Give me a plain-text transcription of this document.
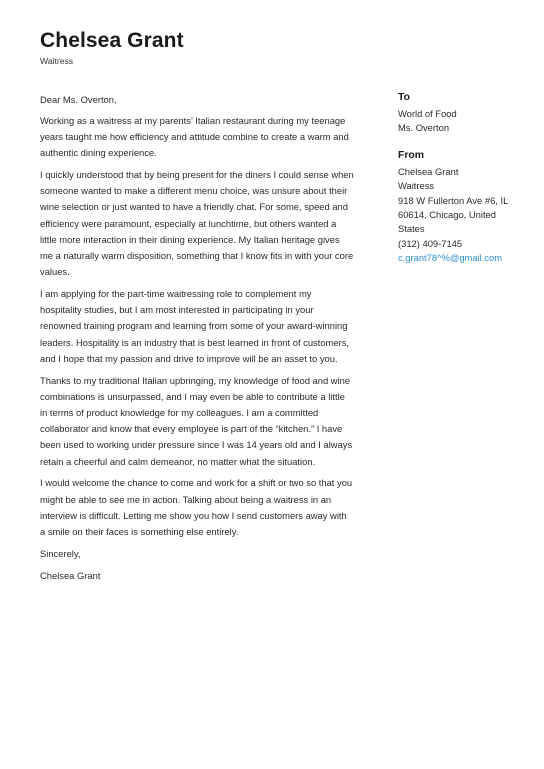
Chelsea Grant
Waitress

Dear Ms. Overton,

Working as a waitress at my parents’ Italian restaurant during my teenage years taught me how efficiency and attitude combine to create a warm and authentic dining experience.

I quickly understood that by being present for the diners I could sense when someone wanted to make a different menu choice, was unsure about their wine selection or just wanted to have a friendly chat. For some, speed and efficiency were paramount, especially at lunchtime, but others wanted a little more interaction in their dining experience. My Italian heritage gives me a naturally warm disposition, something that I know fits in with your core values.

I am applying for the part-time waitressing role to complement my hospitality studies, but I am most interested in participating in your renowned training program and learning from some of your award-winning leaders. Hospitality is an industry that is best learned in front of customers, and I hope that my passion and drive to improve will be an asset to you.

Thanks to my traditional Italian upbringing, my knowledge of food and wine combinations is unsurpassed, and I may even be able to contribute a little in terms of product knowledge for my colleagues. I am a committed collaborator and know that every employee is part of the “kitchen.” I have been used to working under pressure since I was 14 years old and I always retain a cheerful and calm demeanor, no matter what the situation.

I would welcome the chance to come and work for a shift or two so that you might be able to see me in action. Talking about being a waitress in an interview is difficult. Letting me show you how I send customers away with a smile on their faces is something else entirely.

Sincerely,

Chelsea Grant

To
World of Food
Ms. Overton
From
Chelsea Grant
Waitress
918 W Fullerton Ave #6, IL 60614, Chicago, United States
(312) 409-7145
c.grant78^%@gmail.com
